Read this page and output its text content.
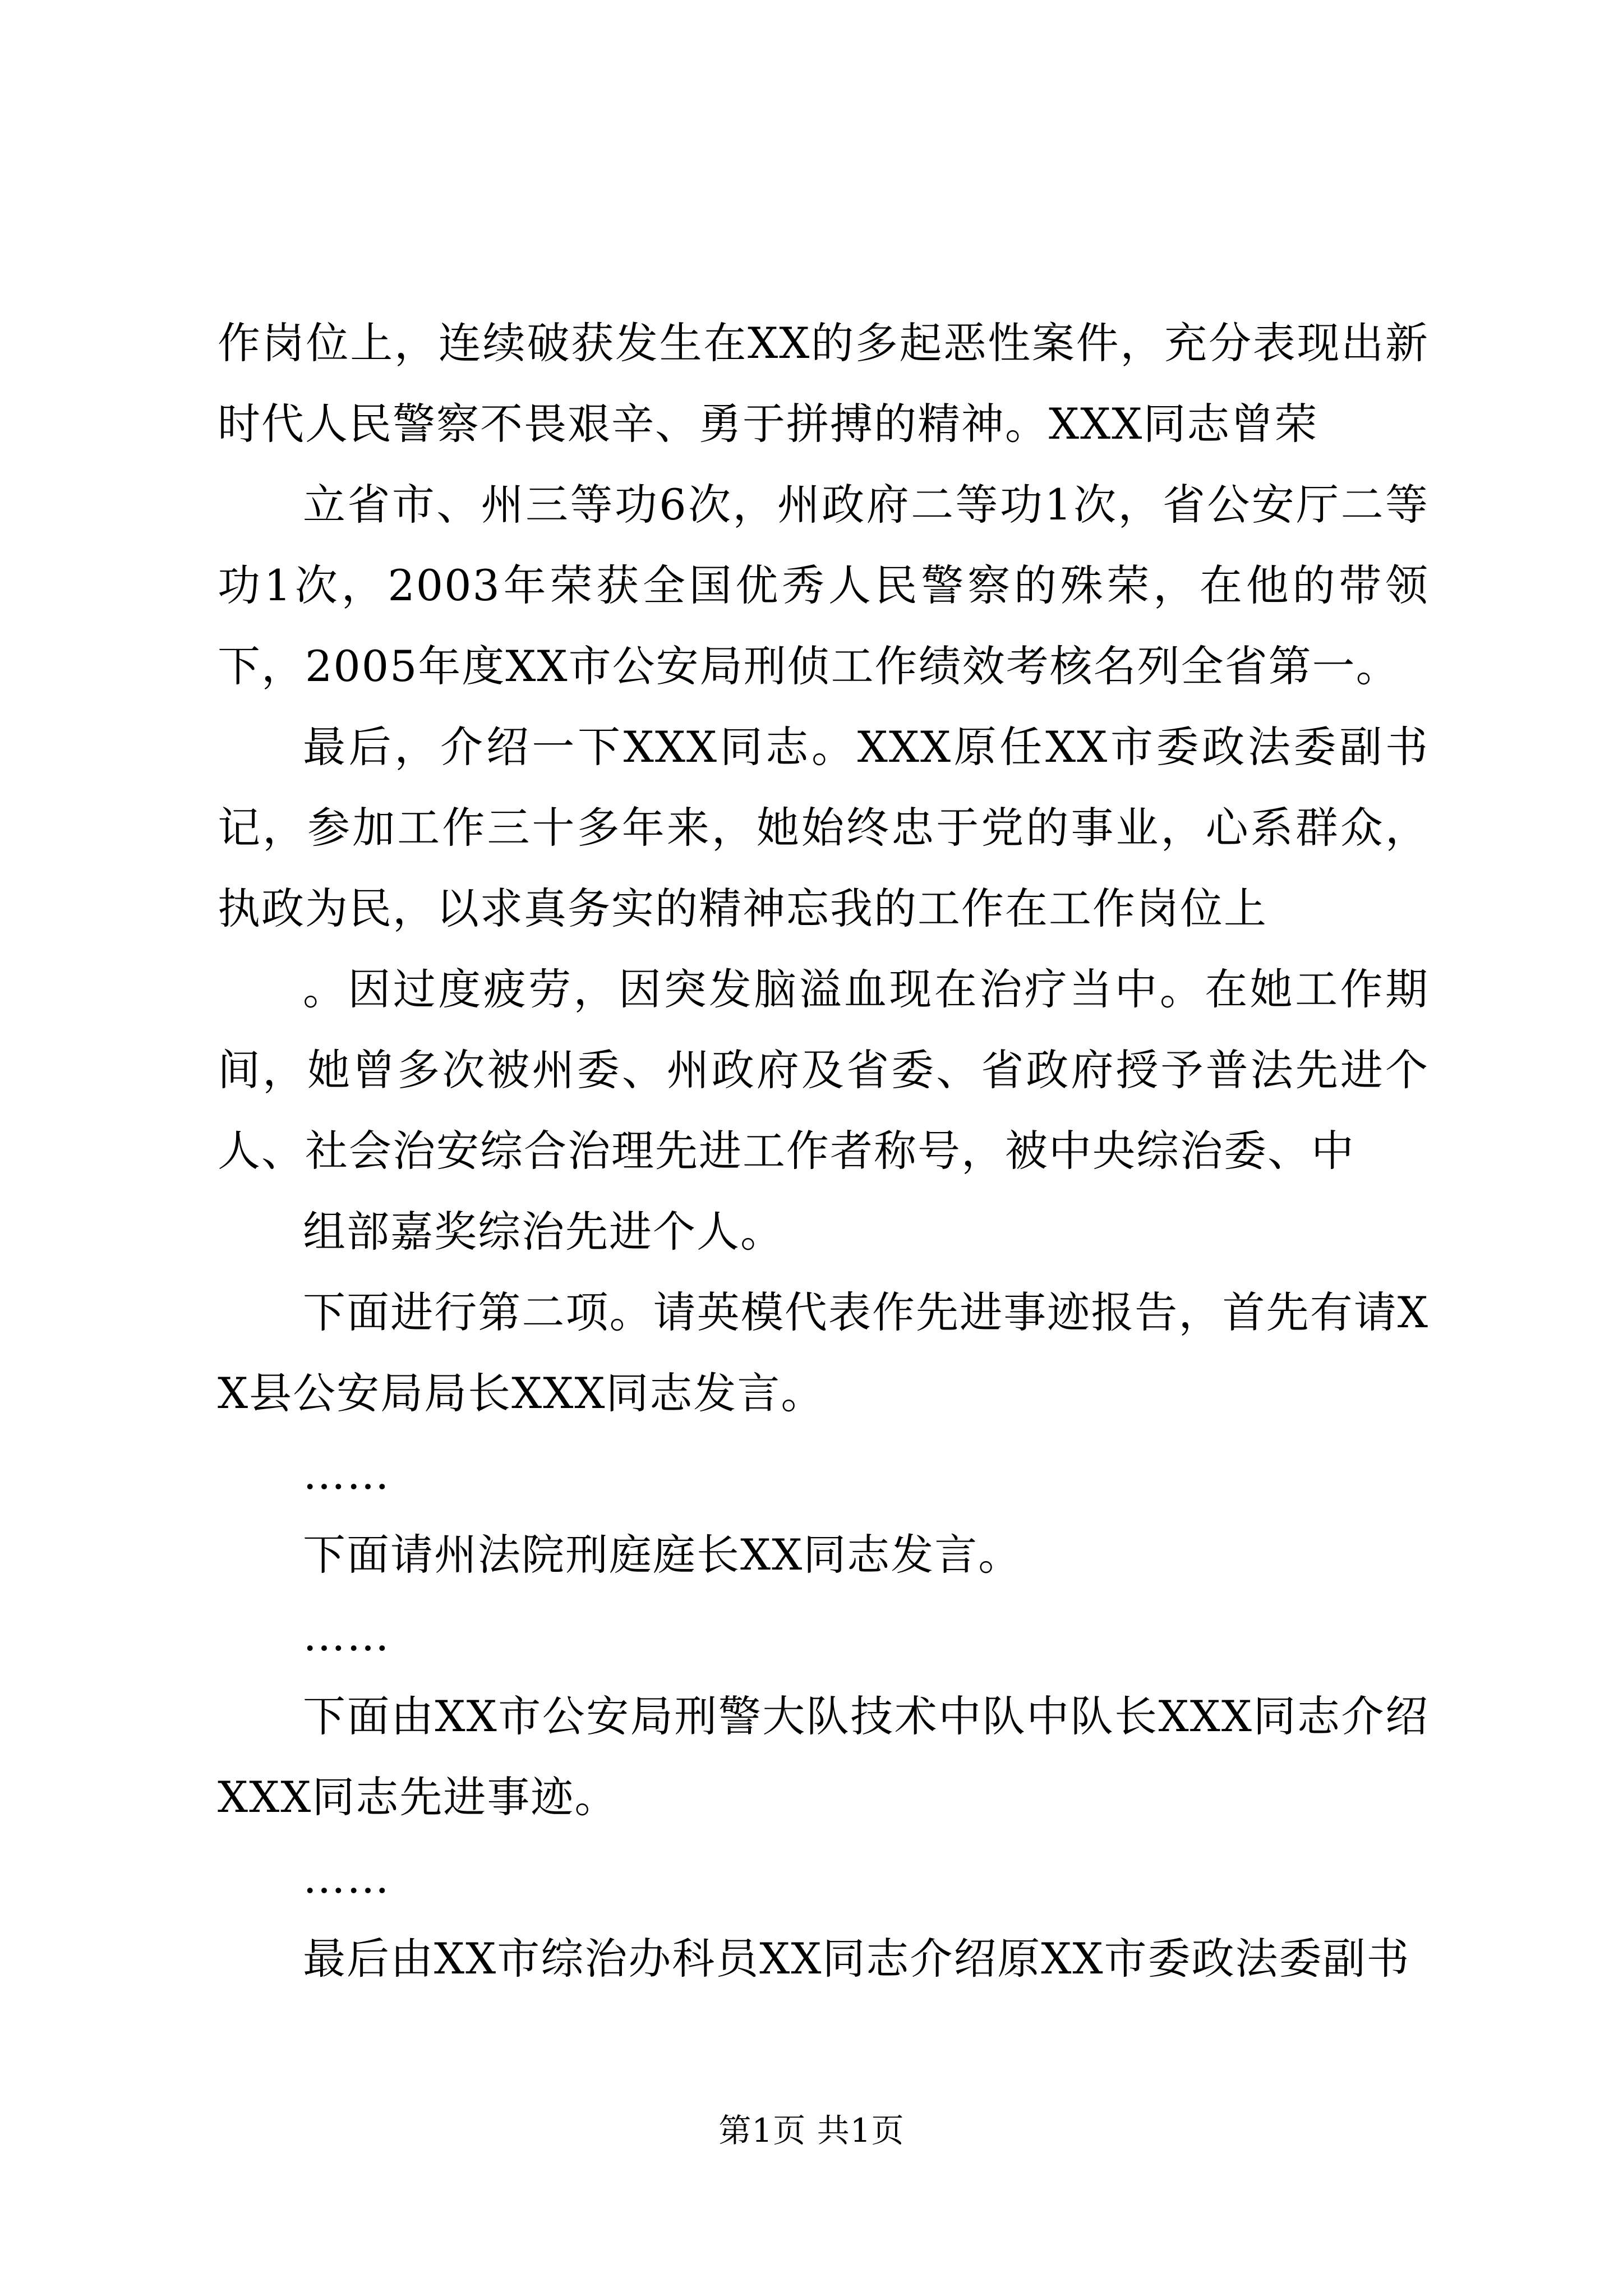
作岗位上，连续破获发生在XX的多起恶性案件，充分表现出新时代人民警察不畏艰辛、勇于拼搏的精神。XXX同志曾荣

立省市、州三等功6次，州政府二等功1次，省公安厅二等功1次，2003年荣获全国优秀人民警察的殊荣，在他的带领下，2005年度XX市公安局刑侦工作绩效考核名列全省第一。

最后，介绍一下XXX同志。XXX原任XX市委政法委副书记，参加工作三十多年来，她始终忠于党的事业，心系群众，执政为民，以求真务实的精神忘我的工作在工作岗位上

。因过度疲劳，因突发脑溢血现在治疗当中。在她工作期间，她曾多次被州委、州政府及省委、省政府授予普法先进个人、社会治安综合治理先进工作者称号，被中央综治委、中

组部嘉奖综治先进个人。

下面进行第二项。请英模代表作先进事迹报告，首先有请XX县公安局局长XXX同志发言。

……

下面请州法院刑庭庭长XX同志发言。

……

下面由XX市公安局刑警大队技术中队中队长XXX同志介绍XXX同志先进事迹。

……

最后由XX市综治办科员XX同志介绍原XX市委政法委副书

第1页 共1页
